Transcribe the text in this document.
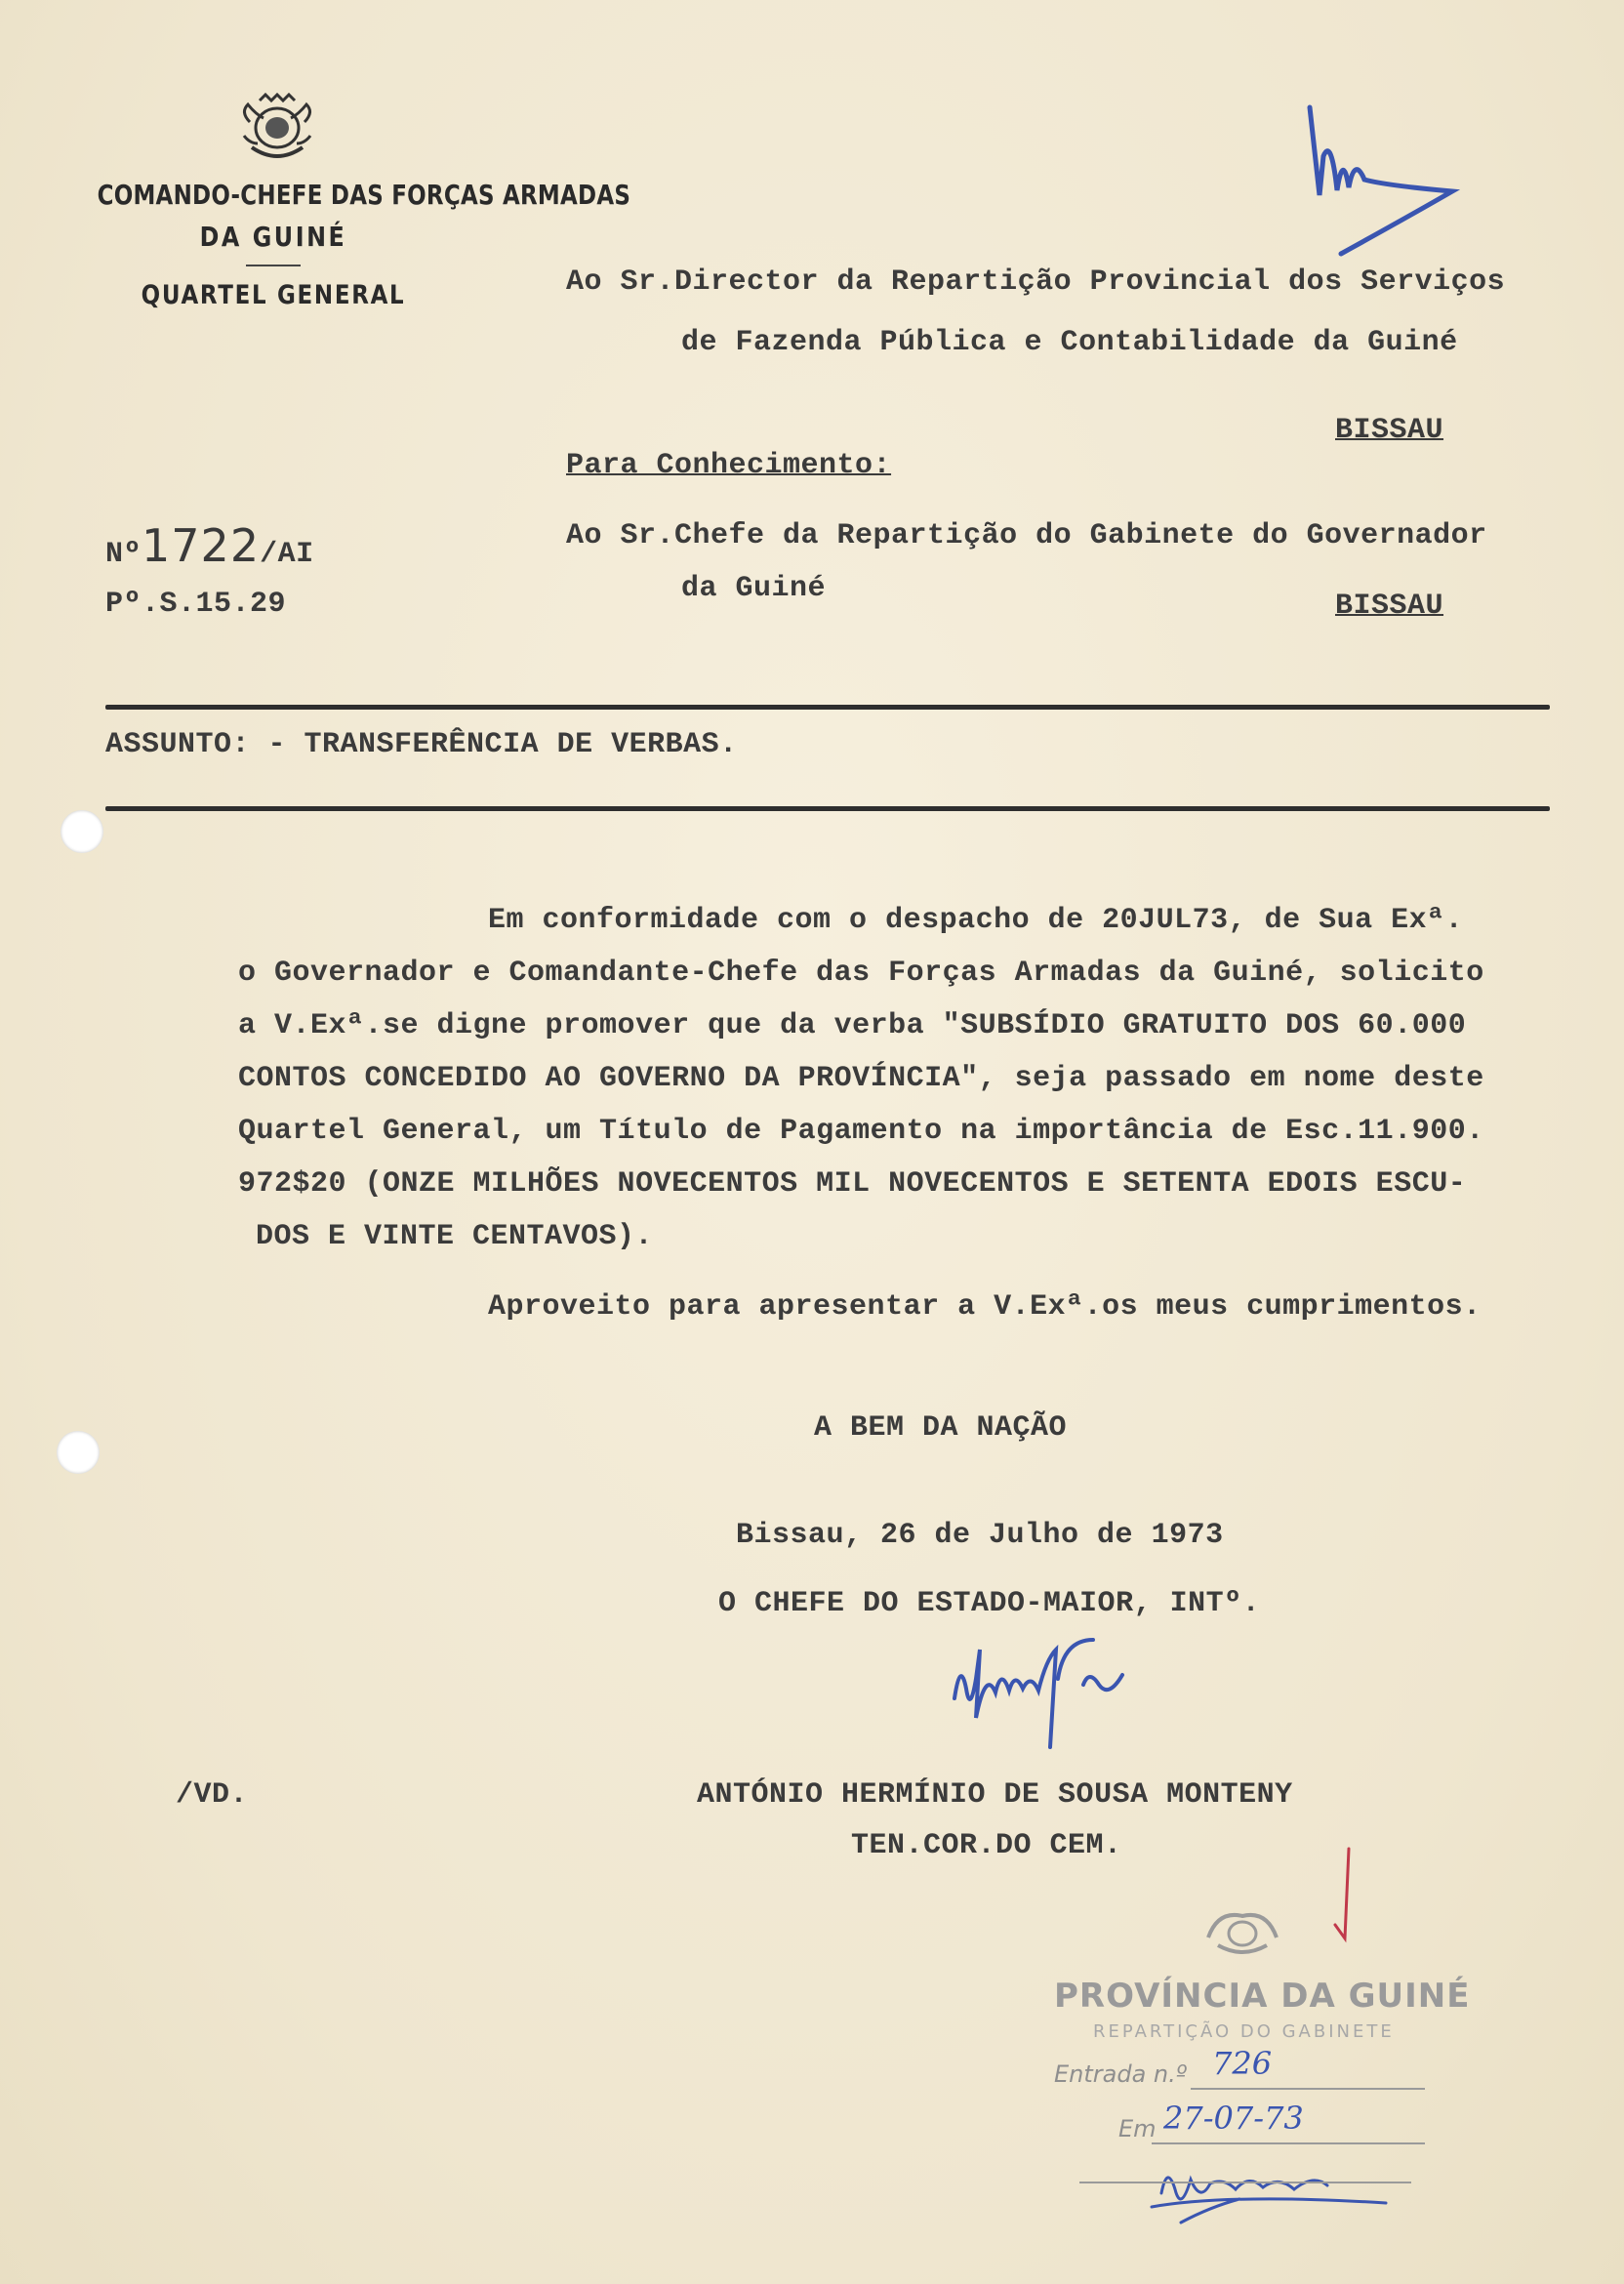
COMANDO-CHEFE DAS FORÇAS ARMADAS
DA GUINÉ
QUARTEL GENERAL	Ao Sr.Director da Repartição Provincial dos Serviços
de Fazenda Pública e Contabilidade da Guiné
BISSAU
Para Conhecimento:
Ao Sr.Chefe da Repartição do Gabinete do Governador
da Guiné
BISSAU
Nº1722/AI
Pº.S.15.29
ASSUNTO: - TRANSFERÊNCIA DE VERBAS.
Em conformidade com o despacho de 20JUL73, de Sua Exª.
o Governador e Comandante-Chefe das Forças Armadas da Guiné, solicito
a V.Exª.se digne promover que da verba "SUBSÍDIO GRATUITO DOS 60.000
CONTOS CONCEDIDO AO GOVERNO DA PROVÍNCIA", seja passado em nome deste
Quartel General, um Título de Pagamento na importância de Esc.11.900.
972$20 (ONZE MILHÕES NOVECENTOS MIL NOVECENTOS E SETENTA EDOIS ESCU-
DOS E VINTE CENTAVOS).
Aproveito para apresentar a V.Exª.os meus cumprimentos.
A BEM DA NAÇÃO
Bissau, 26 de Julho de 1973
O CHEFE DO ESTADO-MAIOR, INTº.
/VD.	ANTÓNIO HERMÍNIO DE SOUSA MONTENY
TEN.COR.DO CEM.
PROVÍNCIA DA GUINÉ
REPARTIÇÃO DO GABINETE
Entrada n.º 726
Em 27-07-73
